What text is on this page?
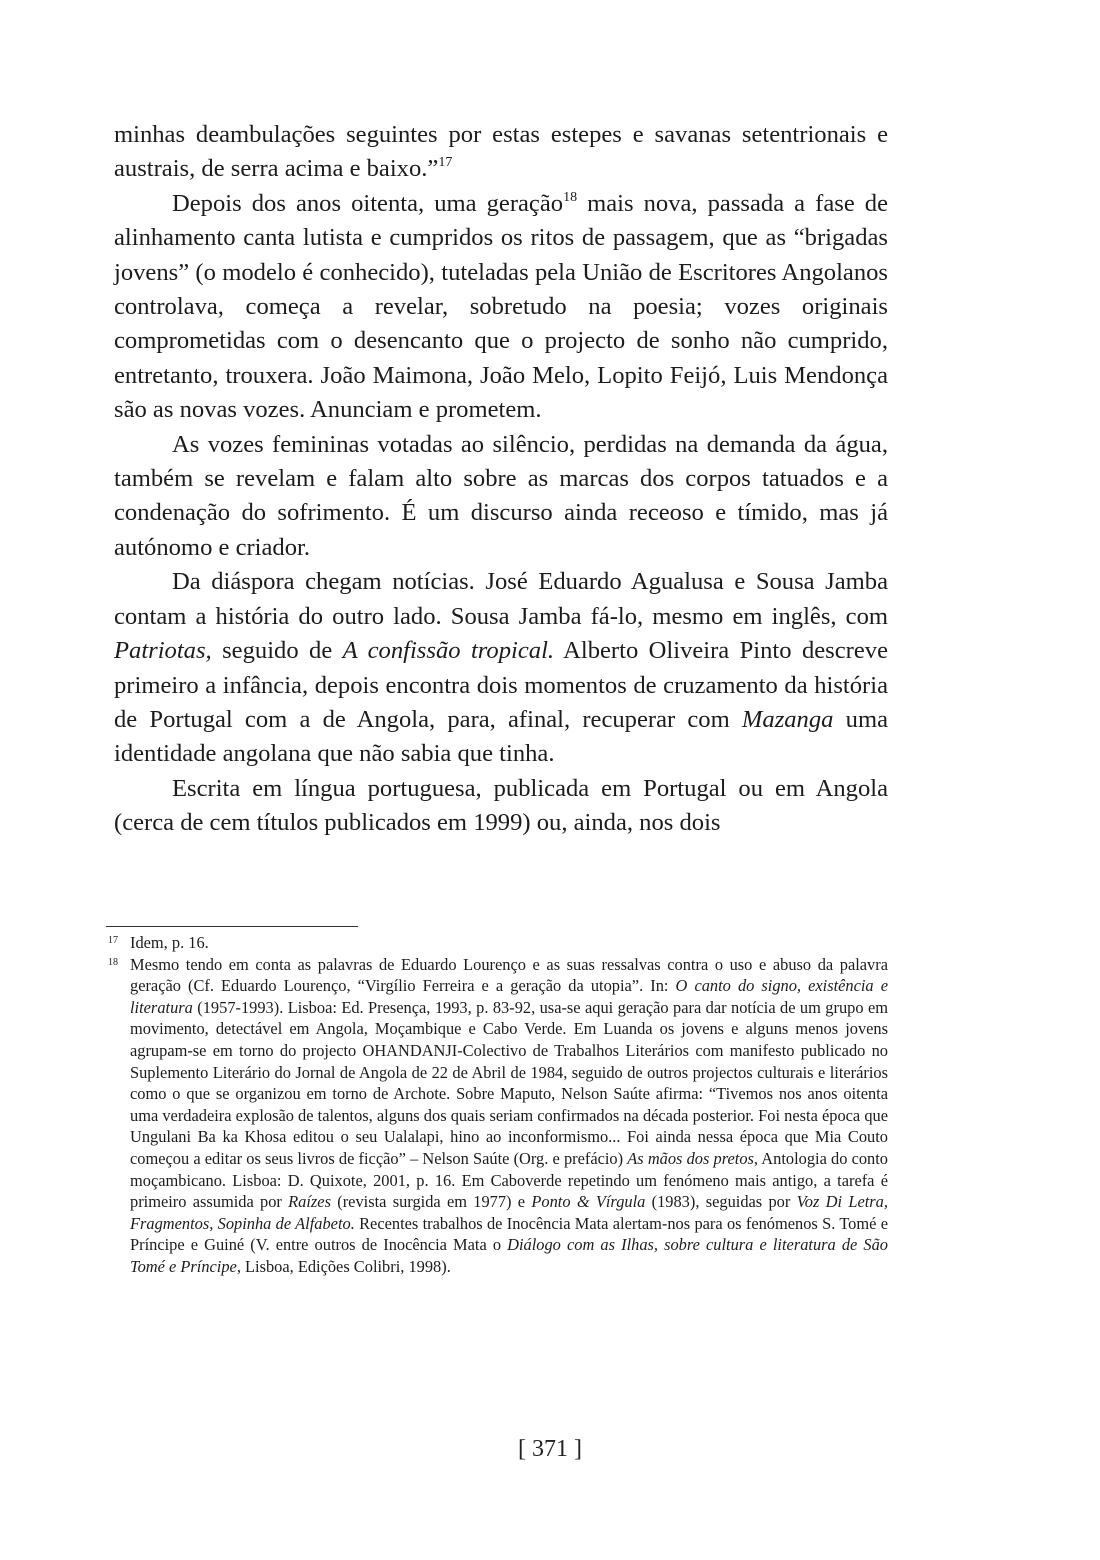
minhas deambulações seguintes por estas estepes e savanas setentrionais e austrais, de serra acima e baixo.”$^{17}$

Depois dos anos oitenta, uma geração$^{18}$ mais nova, passada a fase de alinhamento canta lutista e cumpridos os ritos de passagem, que as “brigadas jovens” (o modelo é conhecido), tuteladas pela União de Escritores Angolanos controlava, começa a revelar, sobretudo na poesia; vozes originais comprometidas com o desencanto que o projecto de sonho não cumprido, entretanto, trouxera. João Maimona, João Melo, Lopito Feijó, Luis Mendonça são as novas vozes. Anunciam e prometem.

As vozes femininas votadas ao silêncio, perdidas na demanda da água, também se revelam e falam alto sobre as marcas dos corpos tatuados e a condenação do sofrimento. É um discurso ainda receoso e tímido, mas já autónomo e criador.

Da diáspora chegam notícias. José Eduardo Agualusa e Sousa Jamba contam a história do outro lado. Sousa Jamba fá-lo, mesmo em inglês, com Patriotas, seguido de A confissão tropical. Alberto Oliveira Pinto descreve primeiro a infância, depois encontra dois momentos de cruzamento da história de Portugal com a de Angola, para, afinal, recuperar com Mazanga uma identidade angolana que não sabia que tinha.

Escrita em língua portuguesa, publicada em Portugal ou em Angola (cerca de cem títulos publicados em 1999) ou, ainda, nos dois

17 Idem, p. 16.
18 Mesmo tendo em conta as palavras de Eduardo Lourenço e as suas ressalvas contra o uso e abuso da palavra geração (Cf. Eduardo Lourenço, “Virgílio Ferreira e a geração da utopia”. In: O canto do signo, existência e literatura (1957-1993). Lisboa: Ed. Presença, 1993, p. 83-92, usa-se aqui geração para dar notícia de um grupo em movimento, detectável em Angola, Moçambique e Cabo Verde. Em Luanda os jovens e alguns menos jovens agrupam-se em torno do projecto OHANDANJI-Colectivo de Trabalhos Literários com manifesto publicado no Suplemento Literário do Jornal de Angola de 22 de Abril de 1984, seguido de outros projectos culturais e literários como o que se organizou em torno de Archote. Sobre Maputo, Nelson Saúte afirma: “Tivemos nos anos oitenta uma verdadeira explosão de talentos, alguns dos quais seriam confirmados na década posterior. Foi nesta época que Ungulani Ba ka Khosa editou o seu Ualalapi, hino ao inconformismo... Foi ainda nessa época que Mia Couto começou a editar os seus livros de ficção” – Nelson Saúte (Org. e prefácio) As mãos dos pretos, Antologia do conto moçambicano. Lisboa: D. Quixote, 2001, p. 16. Em Caboverde repetindo um fenómeno mais antigo, a tarefa é primeiro assumida por Raízes (revista surgida em 1977) e Ponto & Vírgula (1983), seguidas por Voz Di Letra, Fragmentos, Sopinha de Alfabeto. Recentes trabalhos de Inocência Mata alertam-nos para os fenómenos S. Tomé e Príncipe e Guiné (V. entre outros de Inocência Mata o Diálogo com as Ilhas, sobre cultura e literatura de São Tomé e Príncipe, Lisboa, Edições Colibri, 1998).
[ 371 ]
